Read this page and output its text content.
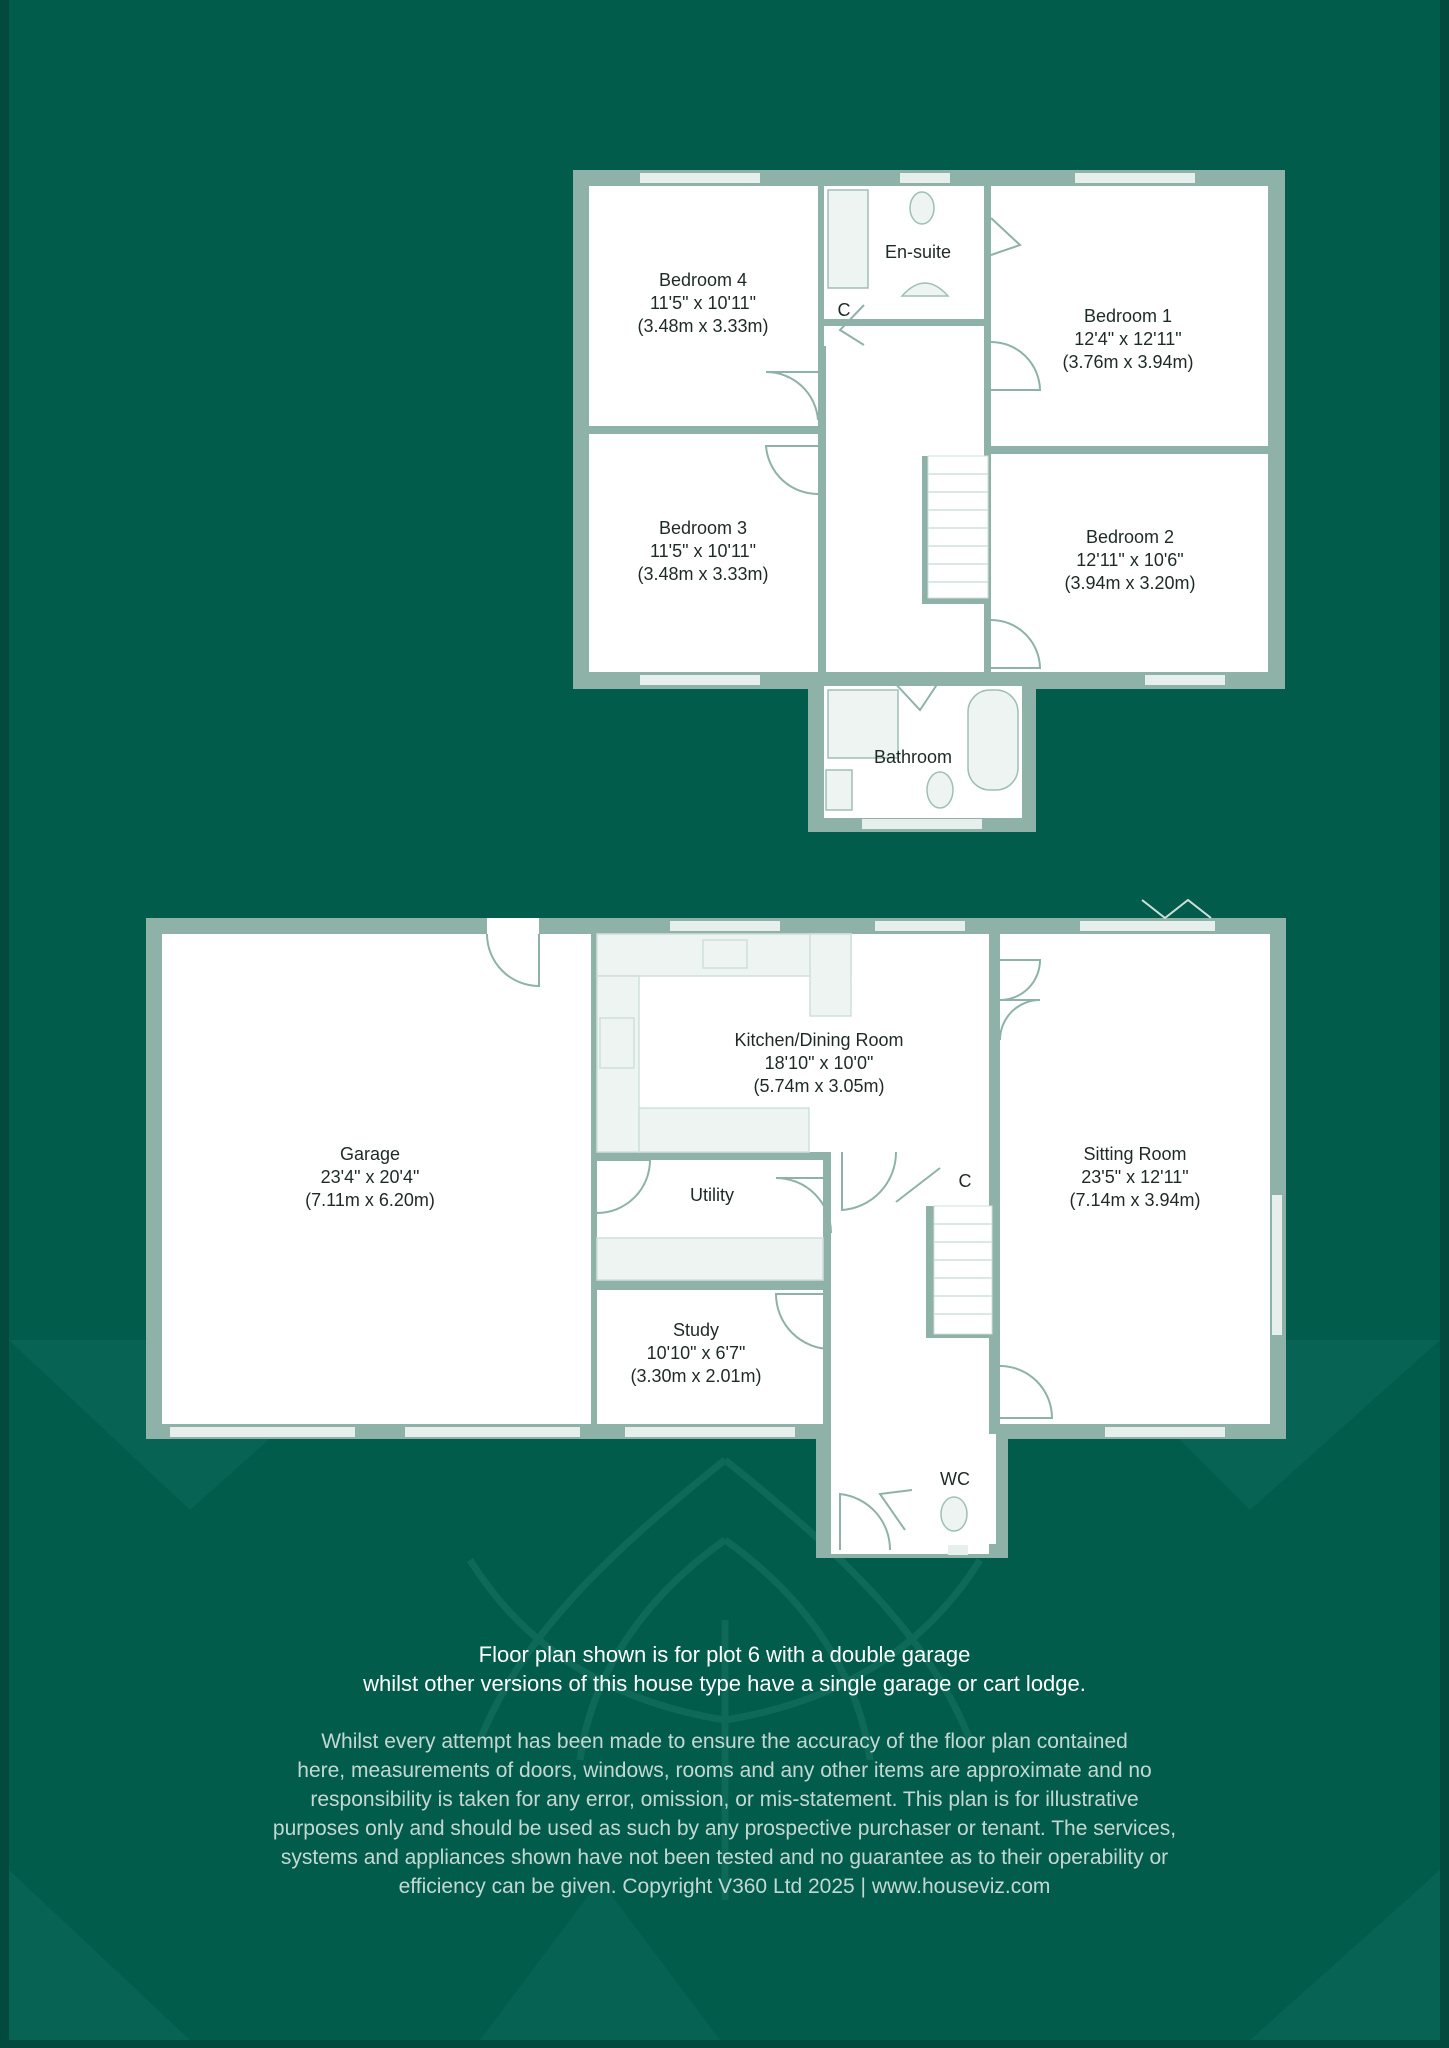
Bedroom 4
11'5" x 10'11"
(3.48m x 3.33m)
En-suite
Bedroom 1
12'4" x 12'11"
(3.76m x 3.94m)
Bedroom 3
11'5" x 10'11"
(3.48m x 3.33m)
Bedroom 2
12'11" x 10'6"
(3.94m x 3.20m)
Bathroom
C
Garage
23'4" x 20'4"
(7.11m x 6.20m)
Kitchen/Dining Room
18'10" x 10'0"
(5.74m x 3.05m)
Sitting Room
23'5" x 12'11"
(7.14m x 3.94m)
Utility
Study
10'10" x 6'7"
(3.30m x 2.01m)
WC
C
Floor plan shown is for plot 6 with a double garage
whilst other versions of this house type have a single garage or cart lodge.
Whilst every attempt has been made to ensure the accuracy of the floor plan contained
here, measurements of doors, windows, rooms and any other items are approximate and no
responsibility is taken for any error, omission, or mis-statement. This plan is for illustrative
purposes only and should be used as such by any prospective purchaser or tenant. The services,
systems and appliances shown have not been tested and no guarantee as to their operability or
efficiency can be given. Copyright V360 Ltd 2025 | www.houseviz.com
